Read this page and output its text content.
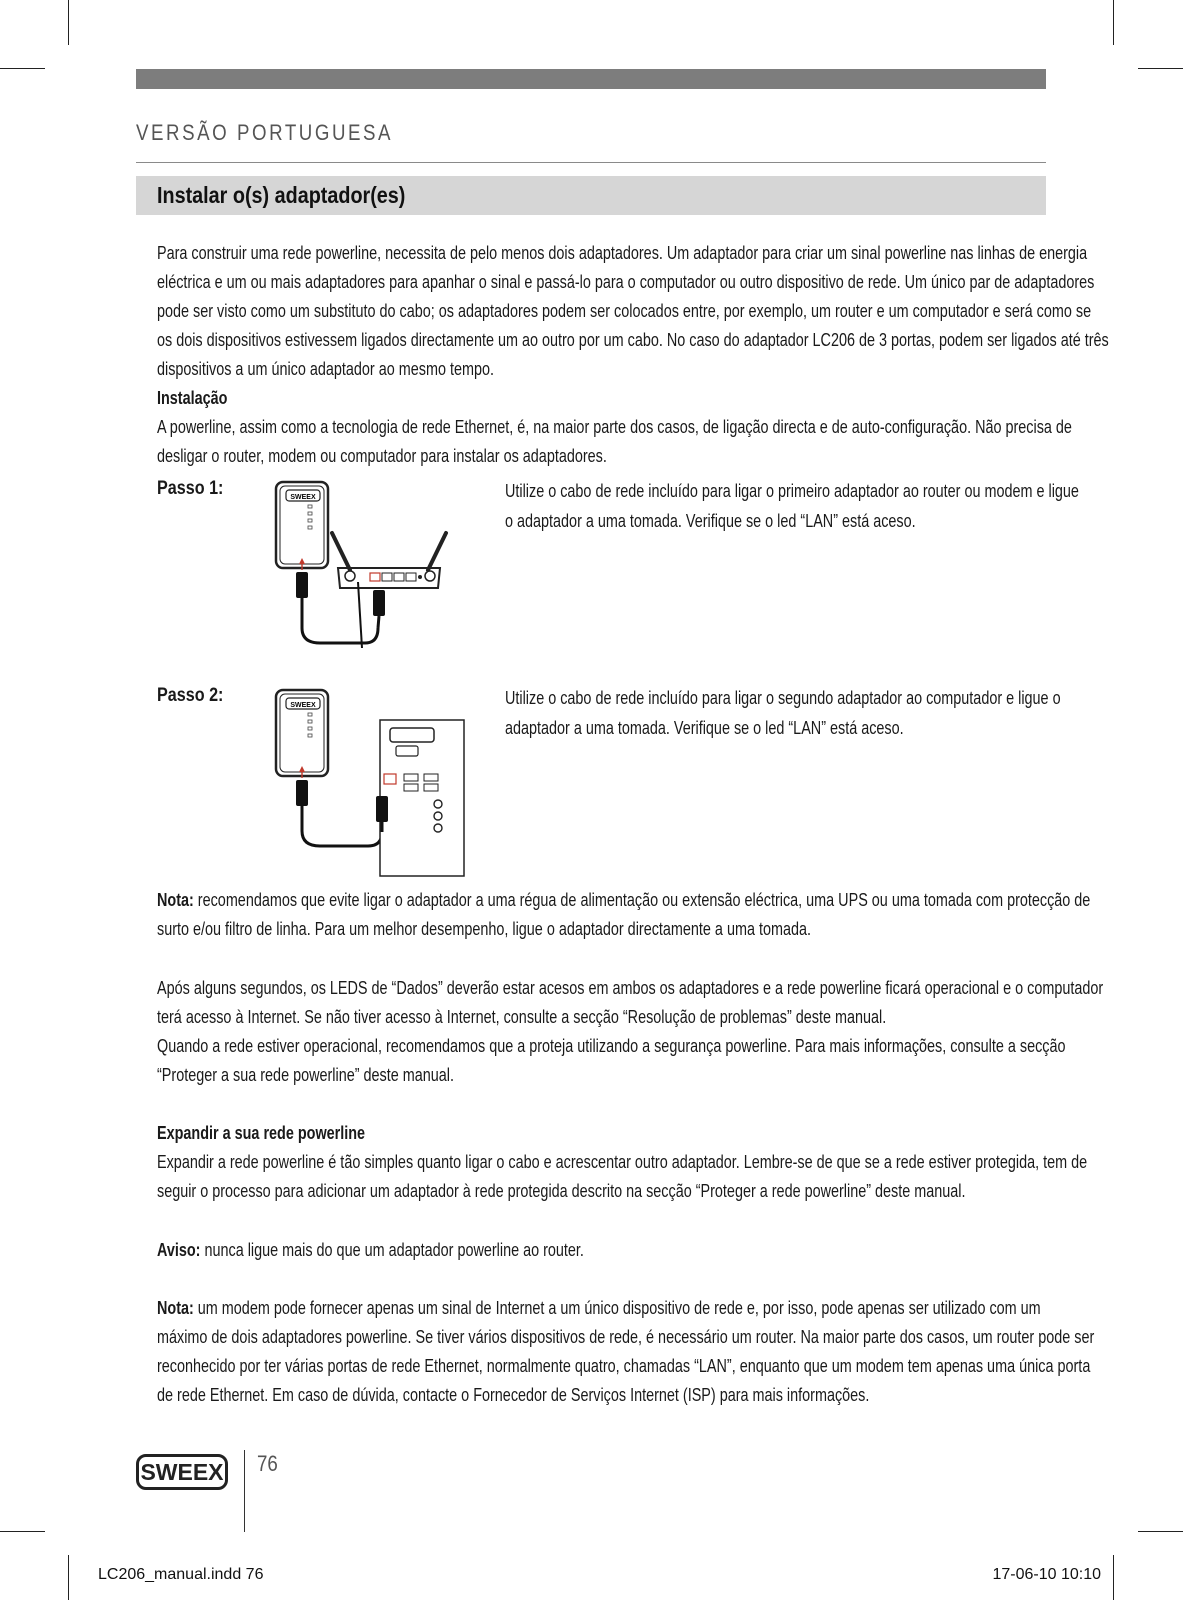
VERSÃO PORTUGUESA
Instalar o(s) adaptador(es)
Para construir uma rede powerline, necessita de pelo menos dois adaptadores. Um adaptador para criar um sinal powerline nas linhas de energia
eléctrica e um ou mais adaptadores para apanhar o sinal e passá-lo para o computador ou outro dispositivo de rede. Um único par de adaptadores
pode ser visto como um substituto do cabo; os adaptadores podem ser colocados entre, por exemplo, um router e um computador e será como se
os dois dispositivos estivessem ligados directamente um ao outro por um cabo. No caso do adaptador LC206 de 3 portas, podem ser ligados até três
dispositivos a um único adaptador ao mesmo tempo.
Instalação
A powerline, assim como a tecnologia de rede Ethernet, é, na maior parte dos casos, de ligação directa e de auto-configuração. Não precisa de
desligar o router, modem ou computador para instalar os adaptadores.
Passo 1:	Utilize o cabo de rede incluído para ligar o primeiro adaptador ao router ou modem e ligue
o adaptador a uma tomada. Verifique se o led “LAN” está aceso.
SWEEX
Passo 2:	Utilize o cabo de rede incluído para ligar o segundo adaptador ao computador e ligue o
adaptador a uma tomada. Verifique se o led “LAN” está aceso.
SWEEX
Nota: recomendamos que evite ligar o adaptador a uma régua de alimentação ou extensão eléctrica, uma UPS ou uma tomada com protecção de
surto e/ou filtro de linha. Para um melhor desempenho, ligue o adaptador directamente a uma tomada.
Após alguns segundos, os LEDS de “Dados” deverão estar acesos em ambos os adaptadores e a rede powerline ficará operacional e o computador
terá acesso à Internet. Se não tiver acesso à Internet, consulte a secção “Resolução de problemas” deste manual.
Quando a rede estiver operacional, recomendamos que a proteja utilizando a segurança powerline. Para mais informações, consulte a secção
“Proteger a sua rede powerline” deste manual.
Expandir a sua rede powerline
Expandir a rede powerline é tão simples quanto ligar o cabo e acrescentar outro adaptador. Lembre-se de que se a rede estiver protegida, tem de
seguir o processo para adicionar um adaptador à rede protegida descrito na secção “Proteger a rede powerline” deste manual.
Aviso: nunca ligue mais do que um adaptador powerline ao router.
Nota: um modem pode fornecer apenas um sinal de Internet a um único dispositivo de rede e, por isso, pode apenas ser utilizado com um
máximo de dois adaptadores powerline. Se tiver vários dispositivos de rede, é necessário um router. Na maior parte dos casos, um router pode ser
reconhecido por ter várias portas de rede Ethernet, normalmente quatro, chamadas “LAN”, enquanto que um modem tem apenas uma única porta
de rede Ethernet. Em caso de dúvida, contacte o Fornecedor de Serviços Internet (ISP) para mais informações.
SWEEX 76
LC206_manual.indd 76	17-06-10 10:10
